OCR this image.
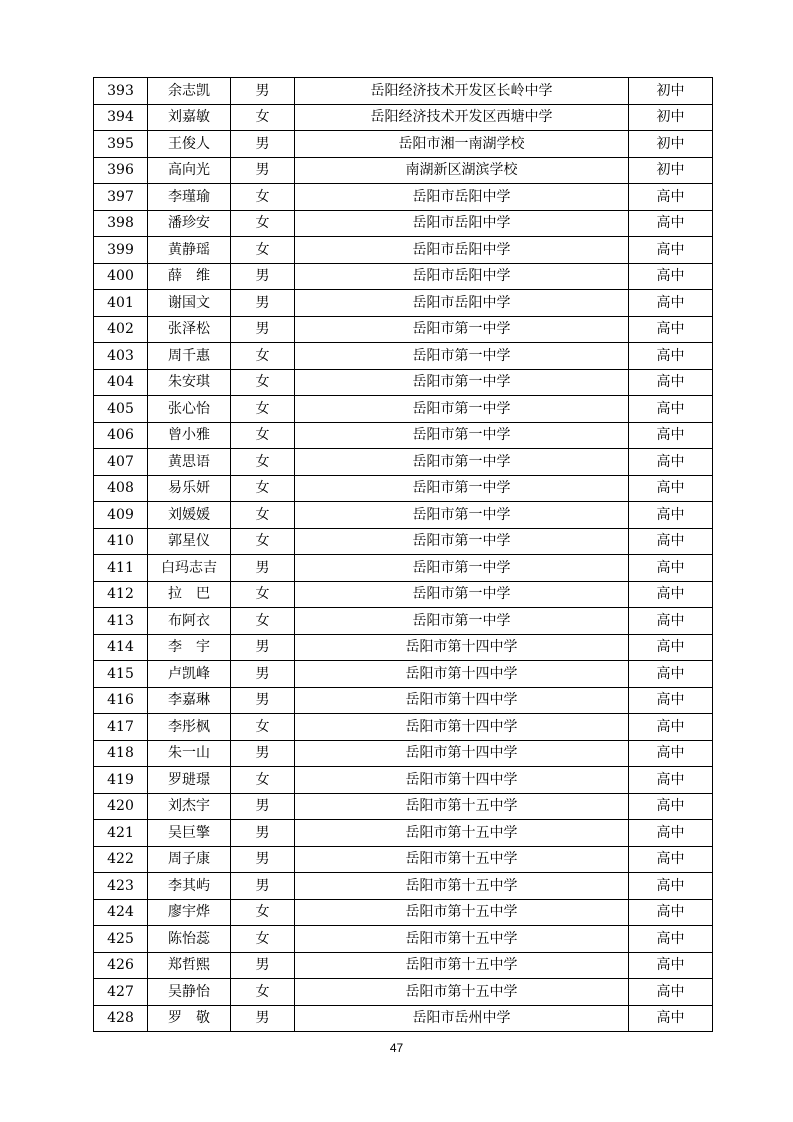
393	余志凯	男	岳阳经济技术开发区长岭中学	初中
394	刘嘉敏	女	岳阳经济技术开发区西塘中学	初中
395	王俊人	男	岳阳市湘一南湖学校	初中
396	高向光	男	南湖新区湖滨学校	初中
397	李瑾瑜	女	岳阳市岳阳中学	高中
398	潘珍安	女	岳阳市岳阳中学	高中
399	黄静瑶	女	岳阳市岳阳中学	高中
400	薛　维	男	岳阳市岳阳中学	高中
401	谢国文	男	岳阳市岳阳中学	高中
402	张泽松	男	岳阳市第一中学	高中
403	周千惠	女	岳阳市第一中学	高中
404	朱安琪	女	岳阳市第一中学	高中
405	张心怡	女	岳阳市第一中学	高中
406	曾小雅	女	岳阳市第一中学	高中
407	黄思语	女	岳阳市第一中学	高中
408	易乐妍	女	岳阳市第一中学	高中
409	刘媛媛	女	岳阳市第一中学	高中
410	郭星仪	女	岳阳市第一中学	高中
411	白玛志吉	男	岳阳市第一中学	高中
412	拉　巴	女	岳阳市第一中学	高中
413	布阿衣	女	岳阳市第一中学	高中
414	李　宇	男	岳阳市第十四中学	高中
415	卢凯峰	男	岳阳市第十四中学	高中
416	李嘉琳	男	岳阳市第十四中学	高中
417	李彤枫	女	岳阳市第十四中学	高中
418	朱一山	男	岳阳市第十四中学	高中
419	罗琎璟	女	岳阳市第十四中学	高中
420	刘杰宇	男	岳阳市第十五中学	高中
421	吴巨擎	男	岳阳市第十五中学	高中
422	周子康	男	岳阳市第十五中学	高中
423	李其屿	男	岳阳市第十五中学	高中
424	廖宇烨	女	岳阳市第十五中学	高中
425	陈怡蕊	女	岳阳市第十五中学	高中
426	郑哲熙	男	岳阳市第十五中学	高中
427	吴静怡	女	岳阳市第十五中学	高中
428	罗　敬	男	岳阳市岳州中学	高中
47
